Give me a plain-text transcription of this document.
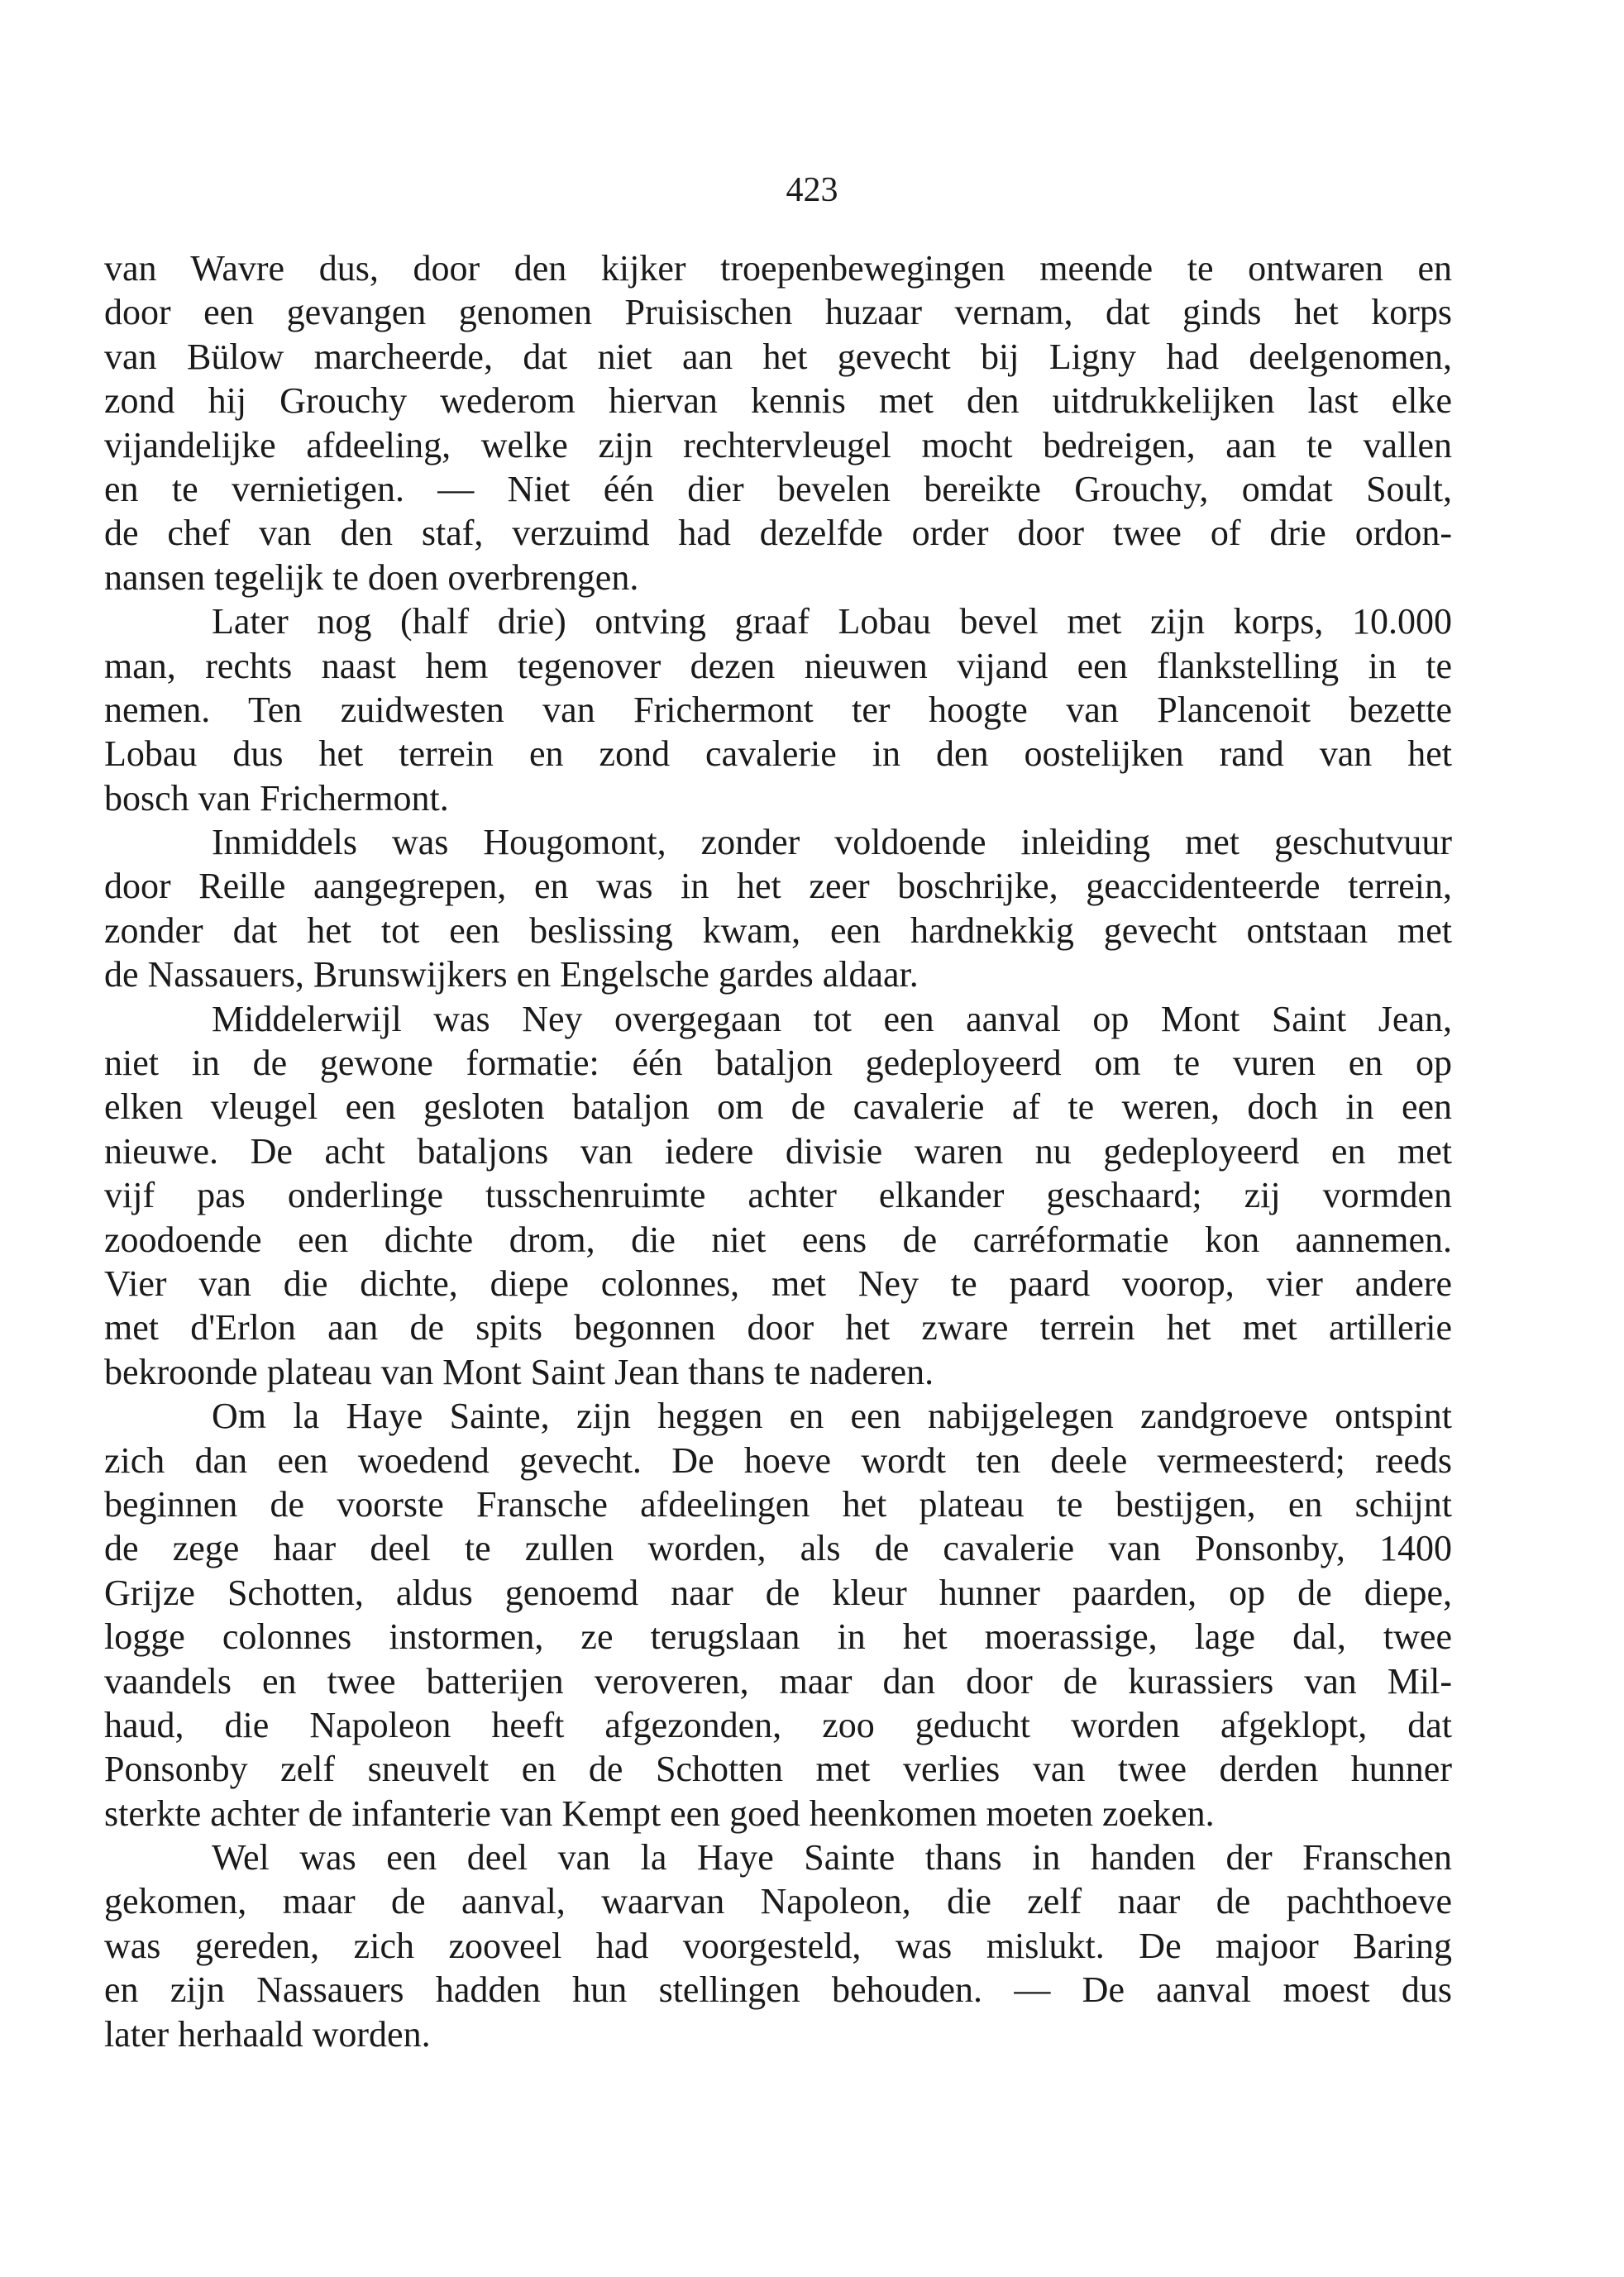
423
van Wavre dus, door den kijker troepenbewegingen meende te ontwaren en
door een gevangen genomen Pruisischen huzaar vernam, dat ginds het korps
van Bülow marcheerde, dat niet aan het gevecht bij Ligny had deelgenomen,
zond hij Grouchy wederom hiervan kennis met den uitdrukkelijken last elke
vijandelijke afdeeling, welke zijn rechtervleugel mocht bedreigen, aan te vallen
en te vernietigen. — Niet één dier bevelen bereikte Grouchy, omdat Soult,
de chef van den staf, verzuimd had dezelfde order door twee of drie ordon-
nansen tegelijk te doen overbrengen.
Later nog (half drie) ontving graaf Lobau bevel met zijn korps, 10.000
man, rechts naast hem tegenover dezen nieuwen vijand een flankstelling in te
nemen. Ten zuidwesten van Frichermont ter hoogte van Plancenoit bezette
Lobau dus het terrein en zond cavalerie in den oostelijken rand van het
bosch van Frichermont.
Inmiddels was Hougomont, zonder voldoende inleiding met geschutvuur
door Reille aangegrepen, en was in het zeer boschrijke, geaccidenteerde terrein,
zonder dat het tot een beslissing kwam, een hardnekkig gevecht ontstaan met
de Nassauers, Brunswijkers en Engelsche gardes aldaar.
Middelerwijl was Ney overgegaan tot een aanval op Mont Saint Jean,
niet in de gewone formatie: één bataljon gedeployeerd om te vuren en op
elken vleugel een gesloten bataljon om de cavalerie af te weren, doch in een
nieuwe. De acht bataljons van iedere divisie waren nu gedeployeerd en met
vijf pas onderlinge tusschenruimte achter elkander geschaard; zij vormden
zoodoende een dichte drom, die niet eens de carréformatie kon aannemen.
Vier van die dichte, diepe colonnes, met Ney te paard voorop, vier andere
met d'Erlon aan de spits begonnen door het zware terrein het met artillerie
bekroonde plateau van Mont Saint Jean thans te naderen.
Om la Haye Sainte, zijn heggen en een nabijgelegen zandgroeve ontspint
zich dan een woedend gevecht. De hoeve wordt ten deele vermeesterd; reeds
beginnen de voorste Fransche afdeelingen het plateau te bestijgen, en schijnt
de zege haar deel te zullen worden, als de cavalerie van Ponsonby, 1400
Grijze Schotten, aldus genoemd naar de kleur hunner paarden, op de diepe,
logge colonnes instormen, ze terugslaan in het moerassige, lage dal, twee
vaandels en twee batterijen veroveren, maar dan door de kurassiers van Mil-
haud, die Napoleon heeft afgezonden, zoo geducht worden afgeklopt, dat
Ponsonby zelf sneuvelt en de Schotten met verlies van twee derden hunner
sterkte achter de infanterie van Kempt een goed heenkomen moeten zoeken.
Wel was een deel van la Haye Sainte thans in handen der Franschen
gekomen, maar de aanval, waarvan Napoleon, die zelf naar de pachthoeve
was gereden, zich zooveel had voorgesteld, was mislukt. De majoor Baring
en zijn Nassauers hadden hun stellingen behouden. — De aanval moest dus
later herhaald worden.
